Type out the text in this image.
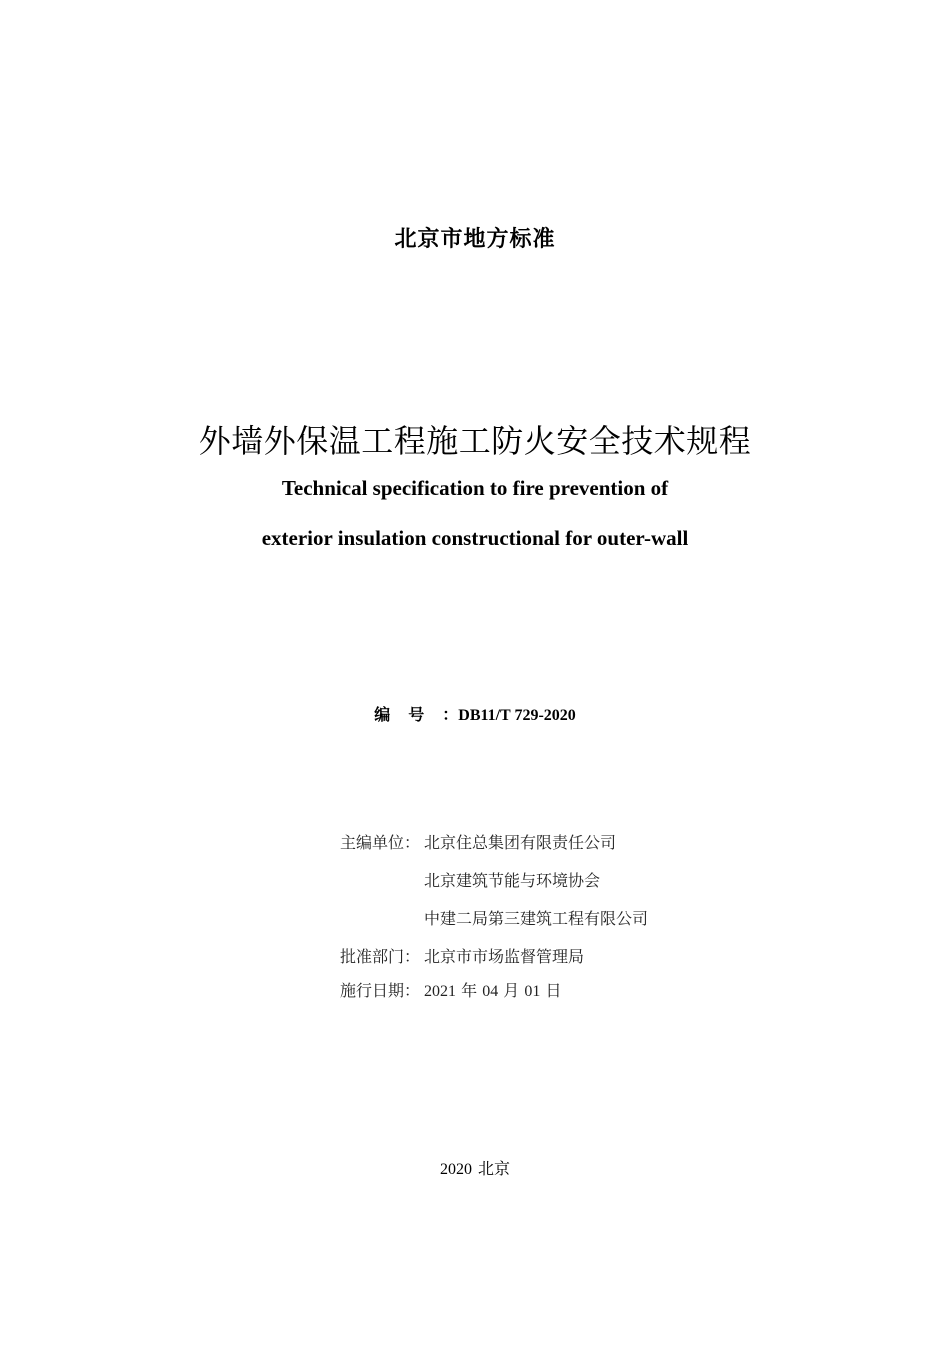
北京市地方标准
外墙外保温工程施工防火安全技术规程
Technical specification to fire prevention of
exterior insulation constructional for outer-wall
编号：DB11/T 729-2020
主编单位： 北京住总集团有限责任公司
北京建筑节能与环境协会
中建二局第三建筑工程有限公司
批准部门： 北京市市场监督管理局
施行日期： 2021 年 04 月 01 日
2020 北京
